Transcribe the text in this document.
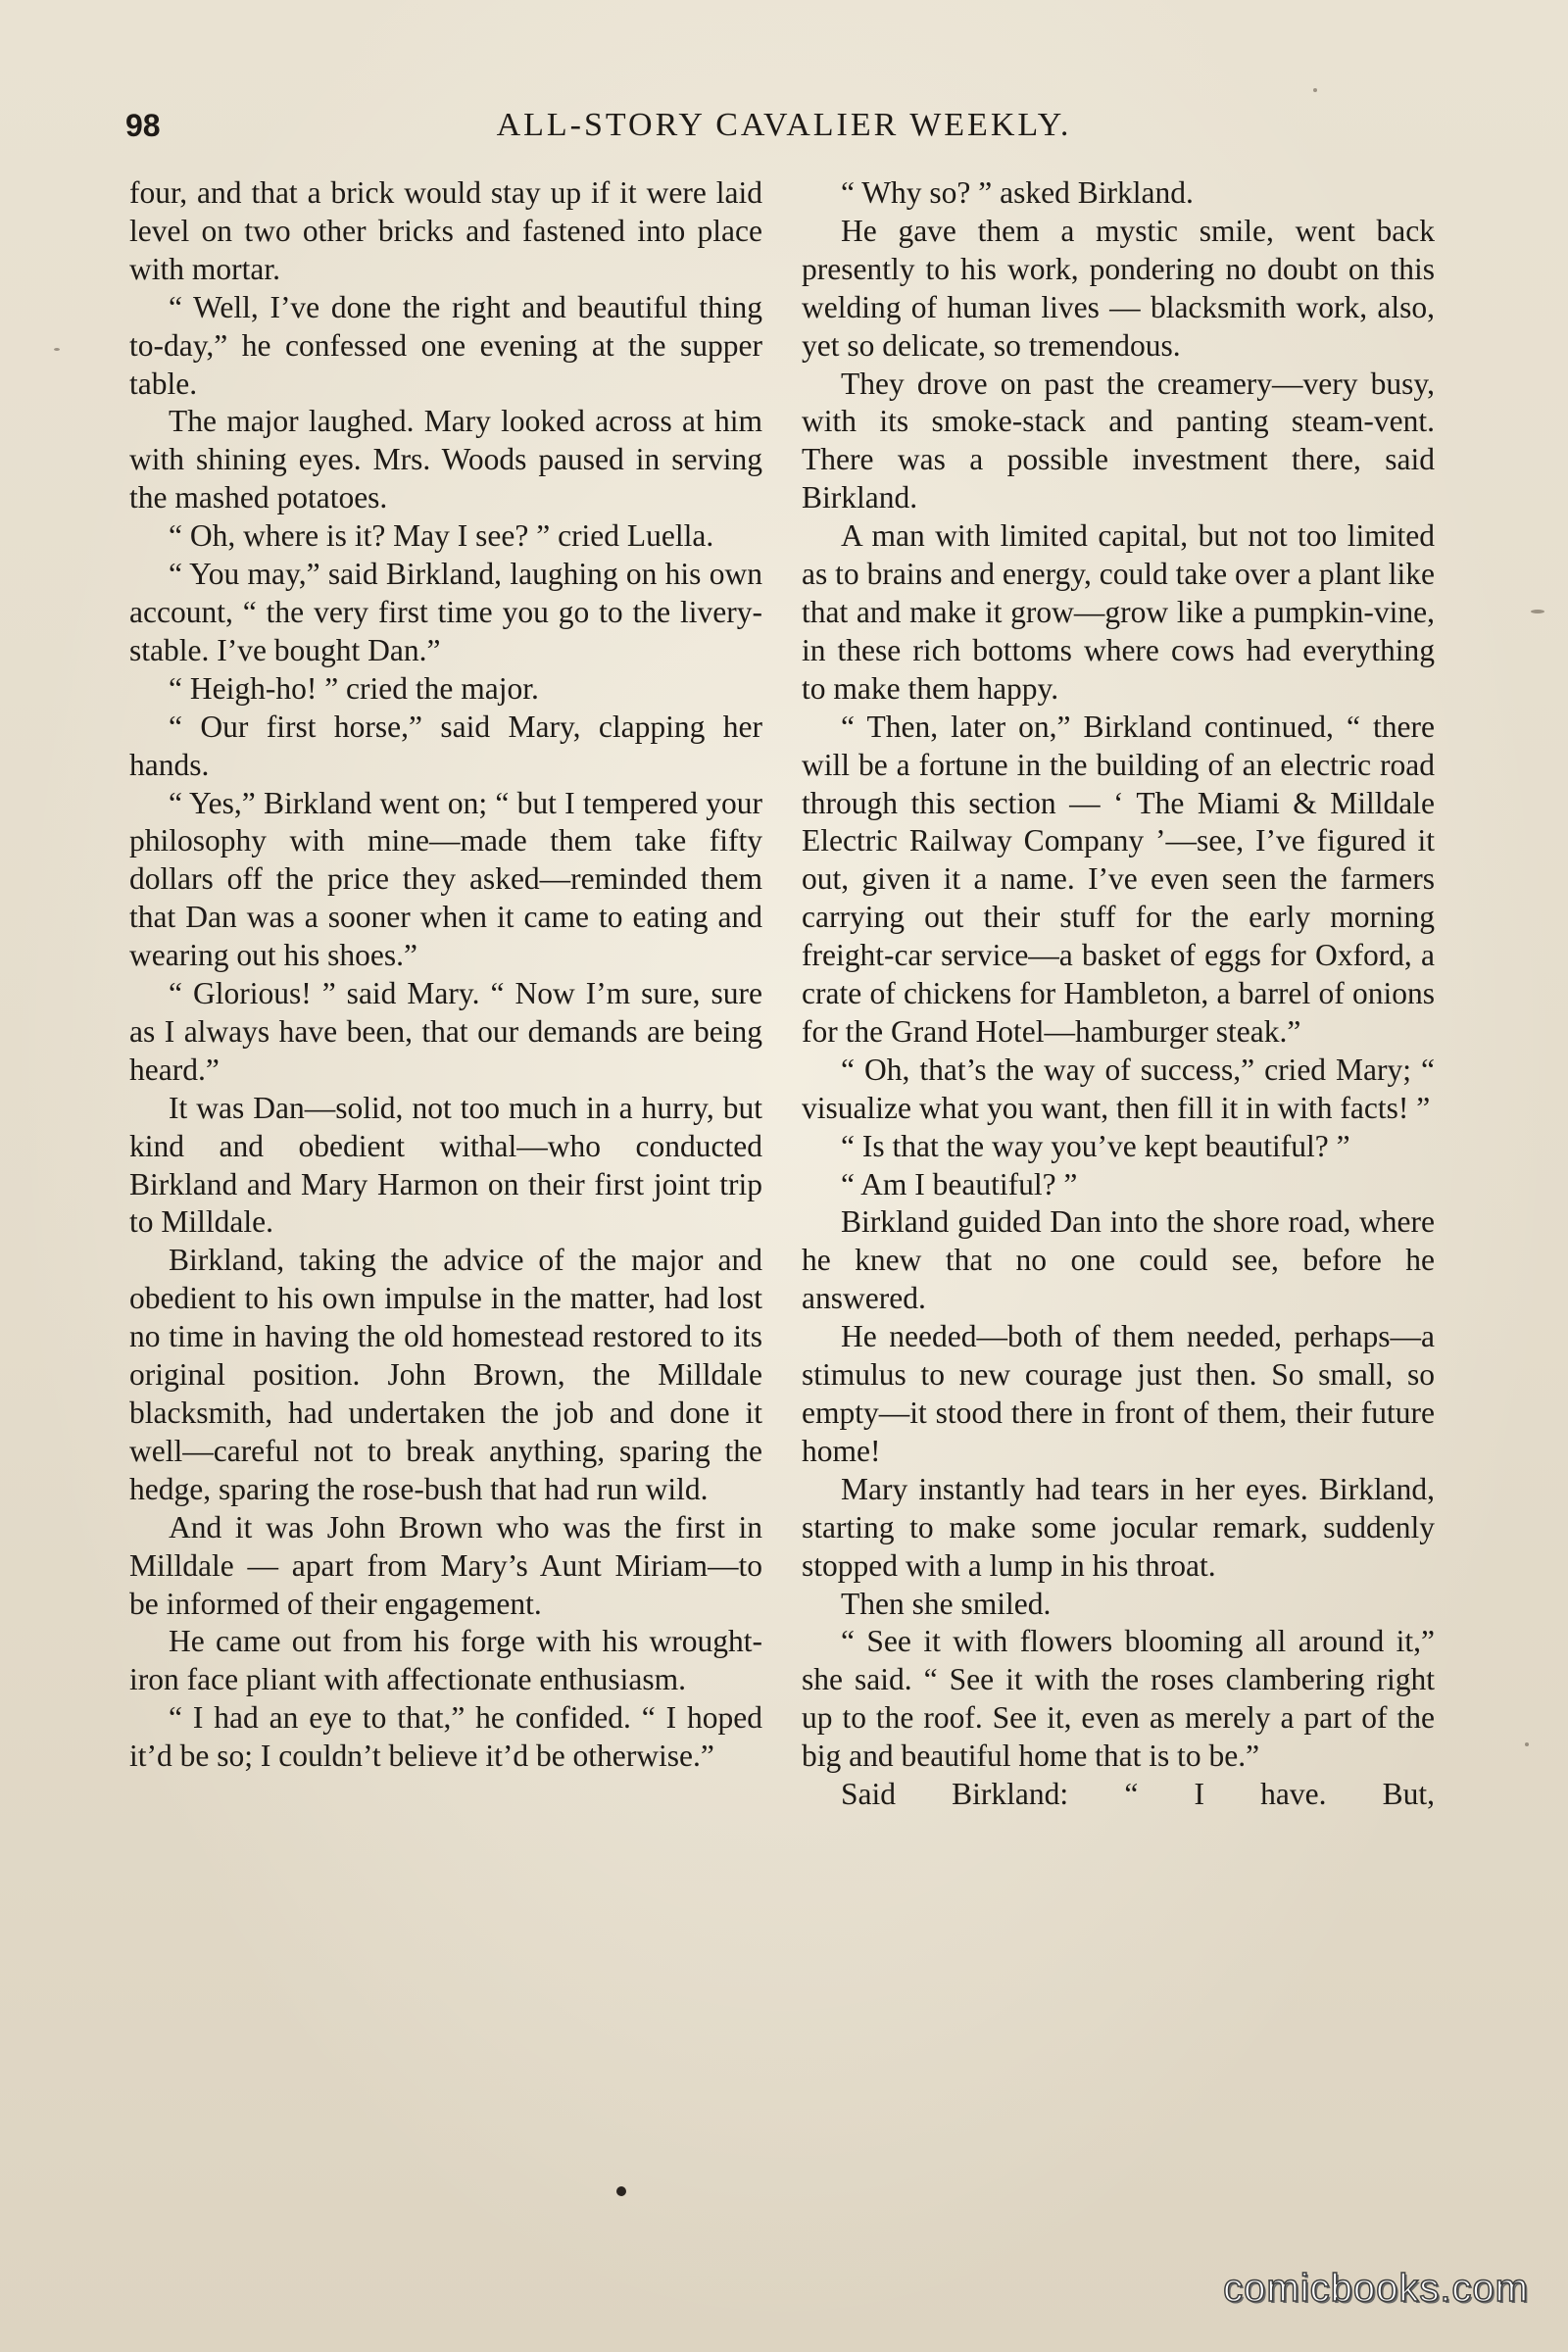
98	ALL-STORY CAVALIER WEEKLY.

four, and that a brick would stay up if it were laid level on two other bricks and fastened into place with mortar.

“ Well, I’ve done the right and beautiful thing to-day,” he confessed one evening at the supper table.

The major laughed. Mary looked across at him with shining eyes. Mrs. Woods paused in serving the mashed potatoes.

“ Oh, where is it? May I see? ” cried Luella.

“ You may,” said Birkland, laughing on his own account, “ the very first time you go to the livery-stable. I’ve bought Dan.”

“ Heigh-ho! ” cried the major.

“ Our first horse,” said Mary, clapping her hands.

“ Yes,” Birkland went on; “ but I tempered your philosophy with mine—made them take fifty dollars off the price they asked—reminded them that Dan was a sooner when it came to eating and wearing out his shoes.”

“ Glorious! ” said Mary. “ Now I’m sure, sure as I always have been, that our demands are being heard.”

It was Dan—solid, not too much in a hurry, but kind and obedient withal—who conducted Birkland and Mary Harmon on their first joint trip to Milldale.

Birkland, taking the advice of the major and obedient to his own impulse in the matter, had lost no time in having the old homestead restored to its original position. John Brown, the Milldale blacksmith, had undertaken the job and done it well—careful not to break anything, sparing the hedge, sparing the rose-bush that had run wild.

And it was John Brown who was the first in Milldale — apart from Mary’s Aunt Miriam—to be informed of their engagement.

He came out from his forge with his wrought-iron face pliant with affectionate enthusiasm.

“ I had an eye to that,” he confided. “ I hoped it’d be so; I couldn’t believe it’d be otherwise.”

“ Why so? ” asked Birkland.

He gave them a mystic smile, went back presently to his work, pondering no doubt on this welding of human lives — blacksmith work, also, yet so delicate, so tremendous.

They drove on past the creamery—very busy, with its smoke-stack and panting steam-vent. There was a possible investment there, said Birkland.

A man with limited capital, but not too limited as to brains and energy, could take over a plant like that and make it grow—grow like a pumpkin-vine, in these rich bottoms where cows had everything to make them happy.

“ Then, later on,” Birkland continued, “ there will be a fortune in the building of an electric road through this section — ‘ The Miami & Milldale Electric Railway Company ’—see, I’ve figured it out, given it a name. I’ve even seen the farmers carrying out their stuff for the early morning freight-car service—a basket of eggs for Oxford, a crate of chickens for Hambleton, a barrel of onions for the Grand Hotel—hamburger steak.”

“ Oh, that’s the way of success,” cried Mary; “ visualize what you want, then fill it in with facts! ”

“ Is that the way you’ve kept beautiful? ”

“ Am I beautiful? ”

Birkland guided Dan into the shore road, where he knew that no one could see, before he answered.

He needed—both of them needed, perhaps—a stimulus to new courage just then. So small, so empty—it stood there in front of them, their future home!

Mary instantly had tears in her eyes. Birkland, starting to make some jocular remark, suddenly stopped with a lump in his throat.

Then she smiled.

“ See it with flowers blooming all around it,” she said. “ See it with the roses clambering right up to the roof. See it, even as merely a part of the big and beautiful home that is to be.”

Said Birkland: “ I have. But,

comicbooks.com
